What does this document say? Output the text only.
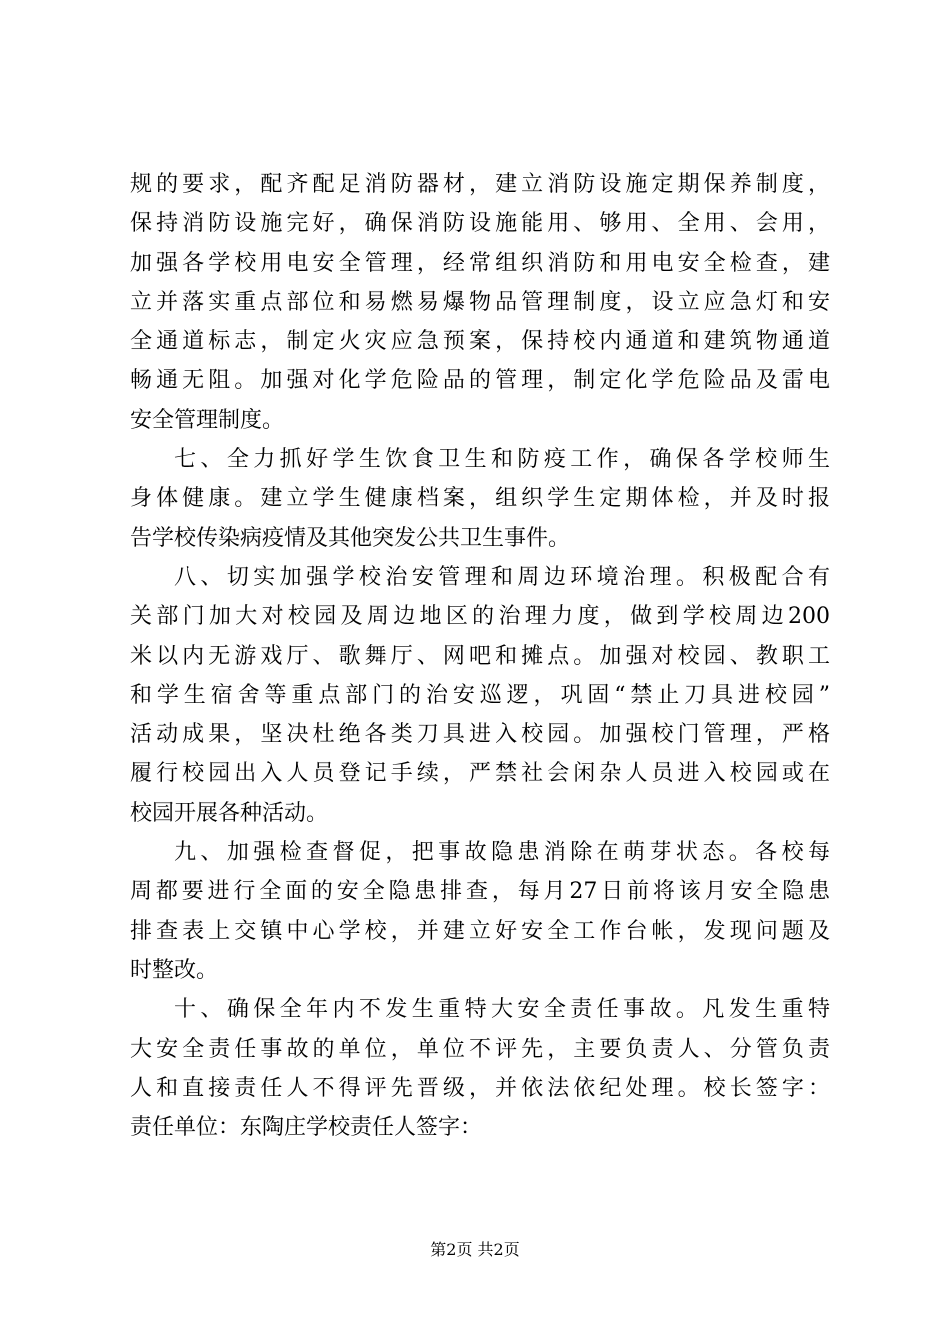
规的要求，配齐配足消防器材，建立消防设施定期保养制度，
保持消防设施完好，确保消防设施能用、够用、全用、会用，
加强各学校用电安全管理，经常组织消防和用电安全检查，建
立并落实重点部位和易燃易爆物品管理制度，设立应急灯和安
全通道标志，制定火灾应急预案，保持校内通道和建筑物通道
畅通无阻。加强对化学危险品的管理，制定化学危险品及雷电
安全管理制度。
七、全力抓好学生饮食卫生和防疫工作，确保各学校师生
身体健康。建立学生健康档案，组织学生定期体检，并及时报
告学校传染病疫情及其他突发公共卫生事件。
八、切实加强学校治安管理和周边环境治理。积极配合有
关部门加大对校园及周边地区的治理力度，做到学校周边200
米以内无游戏厅、歌舞厅、网吧和摊点。加强对校园、教职工
和学生宿舍等重点部门的治安巡逻，巩固“禁止刀具进校园”
活动成果，坚决杜绝各类刀具进入校园。加强校门管理，严格
履行校园出入人员登记手续，严禁社会闲杂人员进入校园或在
校园开展各种活动。
九、加强检查督促，把事故隐患消除在萌芽状态。各校每
周都要进行全面的安全隐患排查，每月27日前将该月安全隐患
排查表上交镇中心学校，并建立好安全工作台帐，发现问题及
时整改。
十、确保全年内不发生重特大安全责任事故。凡发生重特
大安全责任事故的单位，单位不评先，主要负责人、分管负责
人和直接责任人不得评先晋级，并依法依纪处理。校长签字：
责任单位：东陶庄学校责任人签字：
第2页 共2页
